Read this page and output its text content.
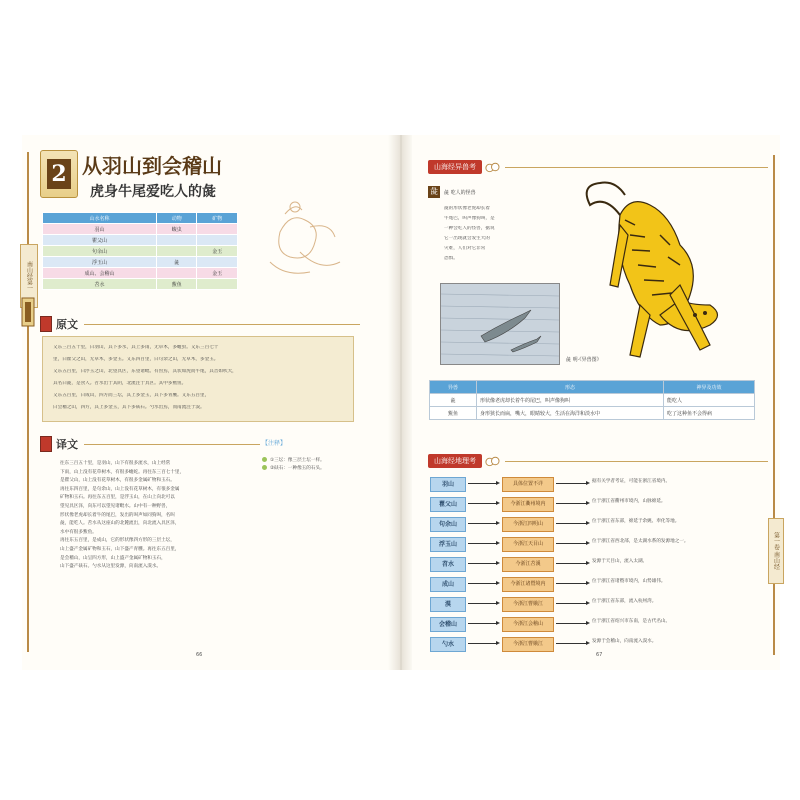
南山经第一
2 从羽山到会稽山
虎身牛尾爱吃人的彘
山水名称	动物	矿物
羽山	蝮虫	
瞿父山		
句余山		金玉
浮玉山	彘	
成山、会稽山		金玉
苕水	鮆鱼	
原文
又东三百五十里，曰羽山，其下多水，其上多雨，无草木，多蝮虫。又东三百七十
里，曰瞿父之山，无草木，多金玉。又东四百里，曰句余之山，无草木，多金玉。
又东五百里，曰浮玉之山，北望具区，东望诸毗。有兽焉，其状如虎而牛尾，其音如吠犬，
其名曰彘，是食人。苕水出于其阴，北流注于具区。其中多鮆鱼。
又东五百里，曰成山，四方而三坛，其上多金玉，其下多青雘。又东五百里，
曰会稽之山，四方，其上多金玉，其下多砆石。勺水出焉，而南流注于湨。
译文
往东三百五十里，是羽山，山下有很多流水，山上经常
下雨，山上没有花草树木，有很多蝮蛇。再往东三百七十里，
是瞿父山，山上没有花草树木，有很多金属矿物和玉石。
再往东四百里，是句余山，山上没有花草树木，有很多金属
矿物和玉石。再往东五百里，是浮玉山，在山上向北可以
望见具区泽，向东可以望见诸毗水。山中有一种野兽，
形状像老虎却长着牛的尾巴，发出的叫声如同狗叫，名叫
彘，能吃人。苕水从这座山的北麓流出，向北流入具区泽，
水中有很多鮆鱼。
再往东五百里，是成山，它的形状像四方形的三层土坛，
山上盛产金属矿物和玉石，山下盛产青雘。再往东五百里，
是会稽山，山呈四方形，山上盛产金属矿物和玉石，
山下盛产砆石。勺水从这里发源，向南流入湨水。
【注释】
①三坛：像三层土坛一样。
②砆石：一种像玉的石头。
66
山海经异兽考
彘	彘 吃人的怪兽
彘的形状像老虎却长着
牛尾巴，叫声像狗叫，是
一种会吃人的怪兽，据说
它一出现就会发生大的
灾难，人们对它非常
恐惧。
彘 明·《异兽图》
异兽	形态	神异及功效
彘	形状像老虎却长着牛的尾巴，叫声像狗叫	能吃人
鮆鱼	身形狭长而扁，嘴大，眼睛较大，生活在海洋和淡水中	吃了这种鱼不会得病
山海经地理考
羽山	具体位置不详	据有关学者考证，可能在浙江省境内。
瞿父山	今浙江衢州境内	位于浙江省衢州市境内，山脉绵延。
句余山	今浙江四明山	位于浙江省东部，绵延于余姚、奉化等地。
浮玉山	今浙江天目山	位于浙江省西北部，是太湖水系的发源地之一。
苕水	今浙江苕溪	发源于天目山，流入太湖。
成山	今浙江诸暨境内	位于浙江省诸暨市境内，山势雄伟。
湨	今浙江曹娥江	位于浙江省东部，流入杭州湾。
会稽山	今浙江会稽山	位于浙江省绍兴市东南，是古代名山。
勺水	今浙江曹娥江	发源于会稽山，向南流入湨水。
第一卷 南山经
67
